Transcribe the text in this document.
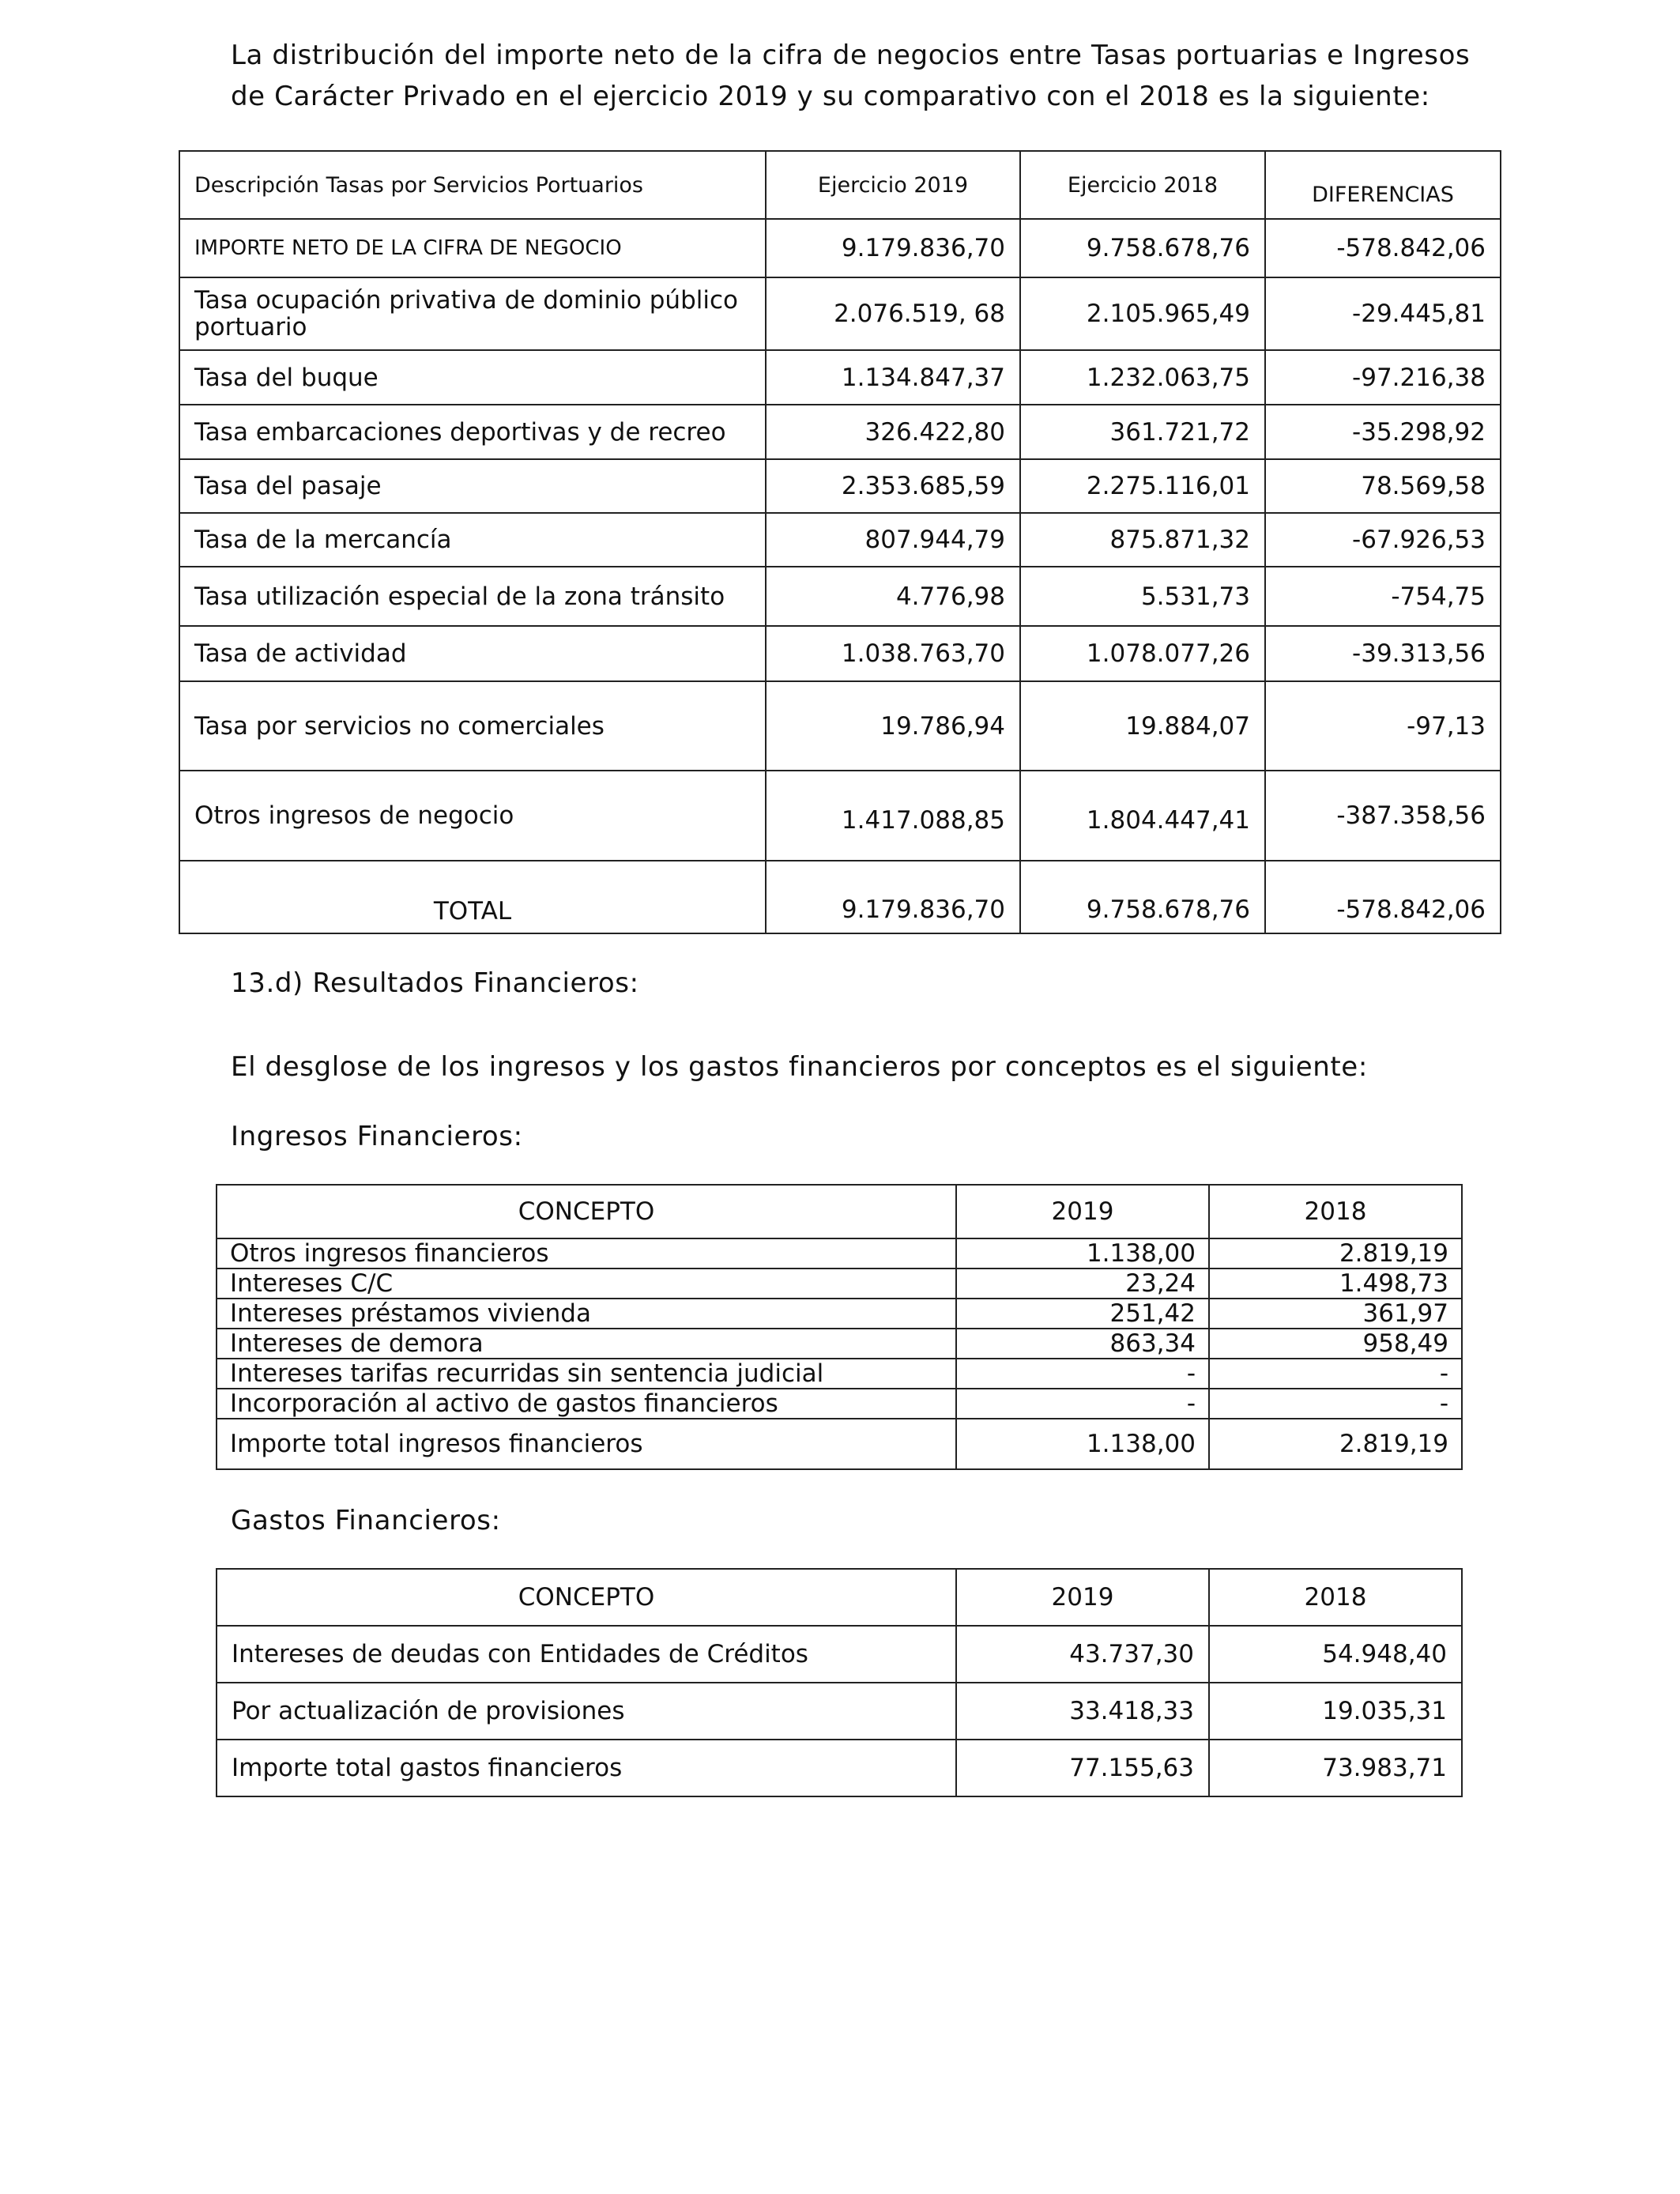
La distribución del importe neto de la cifra de negocios entre Tasas portuarias e Ingresos de Carácter Privado en el ejercicio 2019 y su comparativo con el 2018 es la siguiente:
Descripción Tasas por Servicios Portuarios	Ejercicio 2019	Ejercicio 2018	DIFERENCIAS
IMPORTE NETO DE LA CIFRA DE NEGOCIO	9.179.836,70	9.758.678,76	-578.842,06
Tasa ocupación privativa de dominio público portuario	2.076.519, 68	2.105.965,49	-29.445,81
Tasa del buque	1.134.847,37	1.232.063,75	-97.216,38
Tasa embarcaciones deportivas y de recreo	326.422,80	361.721,72	-35.298,92
Tasa del pasaje	2.353.685,59	2.275.116,01	78.569,58
Tasa de la mercancía	807.944,79	875.871,32	-67.926,53
Tasa utilización especial de la zona tránsito	4.776,98	5.531,73	-754,75
Tasa de actividad	1.038.763,70	1.078.077,26	-39.313,56
Tasa por servicios no comerciales	19.786,94	19.884,07	-97,13
Otros ingresos de negocio	1.417.088,85	1.804.447,41	-387.358,56
TOTAL	9.179.836,70	9.758.678,76	-578.842,06
13.d) Resultados Financieros:
El desglose de los ingresos y los gastos financieros por conceptos es el siguiente:
Ingresos Financieros:
CONCEPTO	2019	2018
Otros ingresos financieros	1.138,00	2.819,19
Intereses C/C	23,24	1.498,73
Intereses préstamos vivienda	251,42	361,97
Intereses de demora	863,34	958,49
Intereses tarifas recurridas sin sentencia judicial	-	-
Incorporación al activo de gastos financieros	-	-
Importe total ingresos financieros	1.138,00	2.819,19
Gastos Financieros:
CONCEPTO	2019	2018
Intereses de deudas con Entidades de Créditos	43.737,30	54.948,40
Por actualización de provisiones	33.418,33	19.035,31
Importe total gastos financieros	77.155,63	73.983,71
